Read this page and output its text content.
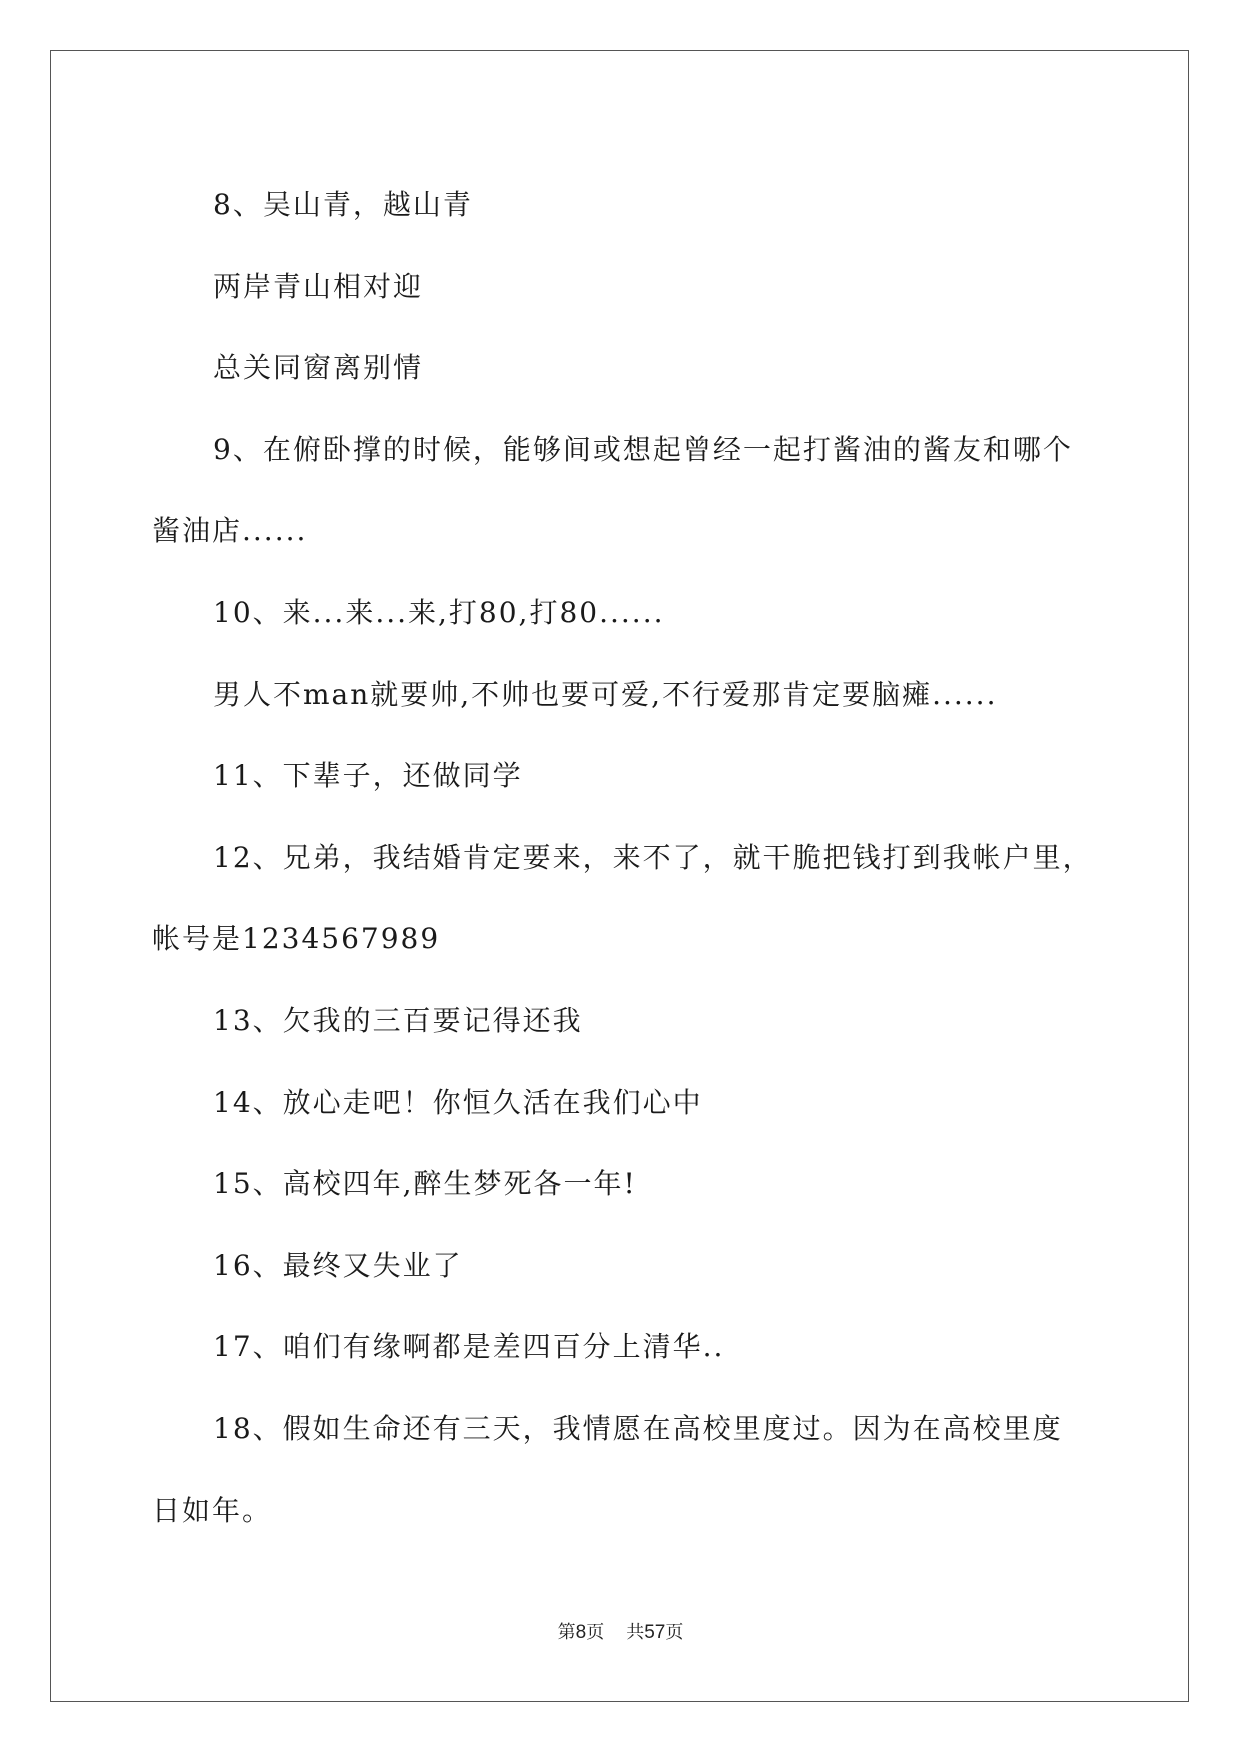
8、吴山青，越山青
两岸青山相对迎
总关同窗离别情
9、在俯卧撑的时候，能够间或想起曾经一起打酱油的酱友和哪个
酱油店......
10、来...来...来,打80,打80......
男人不man就要帅,不帅也要可爱,不行爱那肯定要脑瘫......
11、下辈子，还做同学
12、兄弟，我结婚肯定要来，来不了，就干脆把钱打到我帐户里，
帐号是1234567989
13、欠我的三百要记得还我
14、放心走吧！你恒久活在我们心中
15、高校四年,醉生梦死各一年!
16、最终又失业了
17、咱们有缘啊都是差四百分上清华..
18、假如生命还有三天，我情愿在高校里度过。因为在高校里度
日如年。
第8页 共57页
